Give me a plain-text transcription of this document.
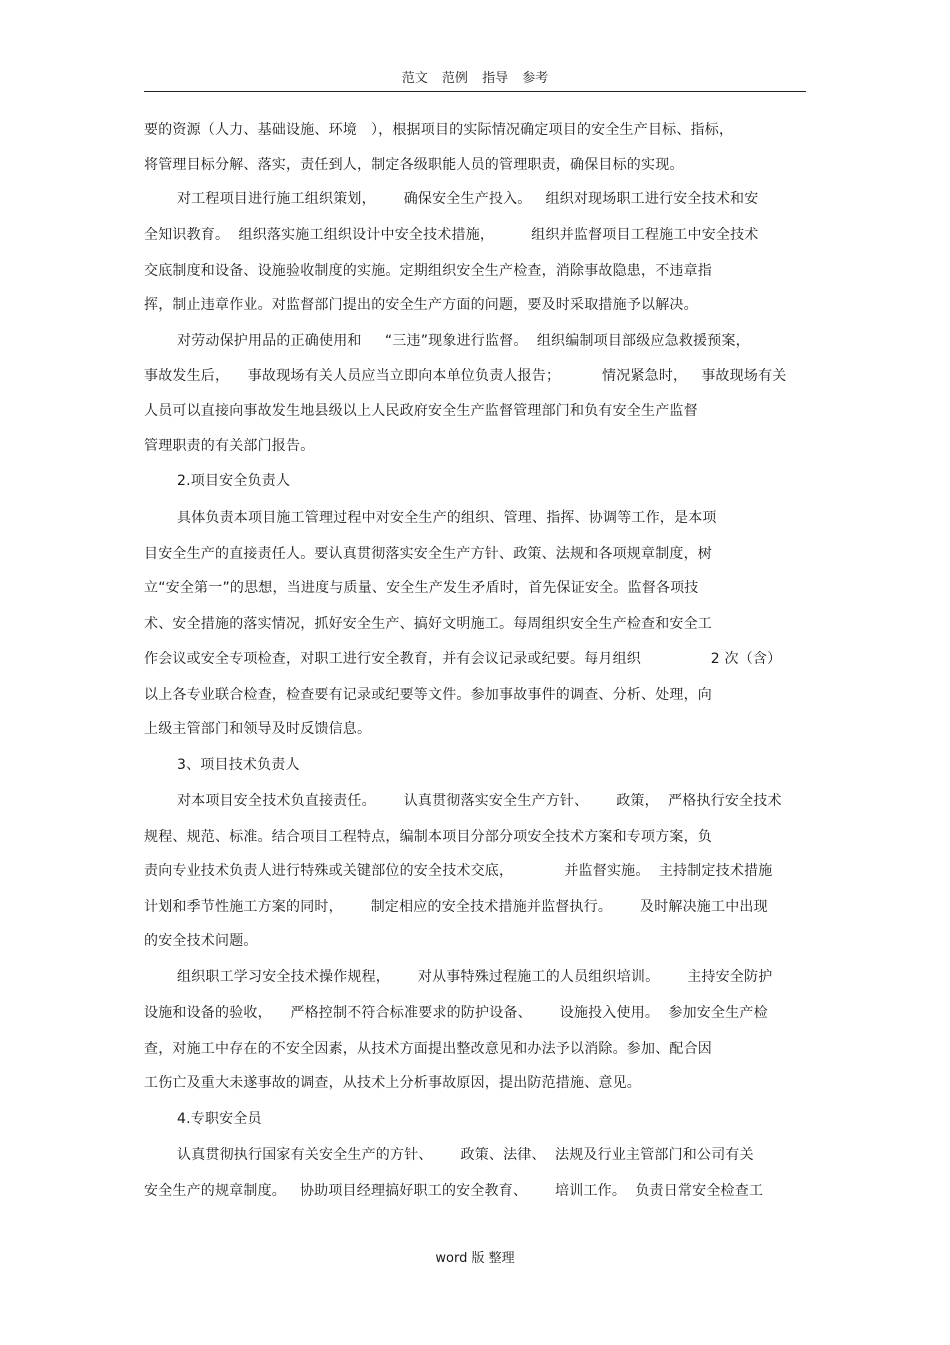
范文 范例 指导 参考
要的资源（人力、基础设施、环境   ），根据项目的实际情况确定项目的安全生产目标、指标，
将管理目标分解、落实，责任到人，制定各级职能人员的管理职责，确保目标的实现。
对工程项目进行施工组织策划，      确保安全生产投入。   组织对现场职工进行安全技术和安
全知识教育。  组织落实施工组织设计中安全技术措施，        组织并监督项目工程施工中安全技术
交底制度和设备、设施验收制度的实施。定期组织安全生产检查，消除事故隐患，不违章指
挥，制止违章作业。对监督部门提出的安全生产方面的问题，要及时采取措施予以解决。
对劳动保护用品的正确使用和     “三违”现象进行监督。  组织编制项目部级应急救援预案，
事故发生后，    事故现场有关人员应当立即向本单位负责人报告；         情况紧急时，   事故现场有关
人员可以直接向事故发生地县级以上人民政府安全生产监督管理部门和负有安全生产监督
管理职责的有关部门报告。
2.项目安全负责人
具体负责本项目施工管理过程中对安全生产的组织、管理、指挥、协调等工作，是本项
目安全生产的直接责任人。要认真贯彻落实安全生产方针、政策、法规和各项规章制度，树
立“安全第一”的思想，当进度与质量、安全生产发生矛盾时，首先保证安全。监督各项技
术、安全措施的落实情况，抓好安全生产、搞好文明施工。每周组织安全生产检查和安全工
作会议或安全专项检查，对职工进行安全教育，并有会议记录或纪要。每月组织               2 次（含）
以上各专业联合检查，检查要有记录或纪要等文件。参加事故事件的调查、分析、处理，向
上级主管部门和领导及时反馈信息。
3、项目技术负责人
对本项目安全技术负直接责任。      认真贯彻落实安全生产方针、      政策，  严格执行安全技术
规程、规范、标准。结合项目工程特点，编制本项目分部分项安全技术方案和专项方案，负
责向专业技术负责人进行特殊或关键部位的安全技术交底，           并监督实施。  主持制定技术措施
计划和季节性施工方案的同时，      制定相应的安全技术措施并监督执行。      及时解决施工中出现
的安全技术问题。
组织职工学习安全技术操作规程，      对从事特殊过程施工的人员组织培训。      主持安全防护
设施和设备的验收，    严格控制不符合标准要求的防护设备、      设施投入使用。  参加安全生产检
查，对施工中存在的不安全因素，从技术方面提出整改意见和办法予以消除。参加、配合因
工伤亡及重大未遂事故的调查，从技术上分析事故原因，提出防范措施、意见。
4.专职安全员
认真贯彻执行国家有关安全生产的方针、      政策、法律、  法规及行业主管部门和公司有关
安全生产的规章制度。   协助项目经理搞好职工的安全教育、      培训工作。  负责日常安全检查工
word 版 整理
